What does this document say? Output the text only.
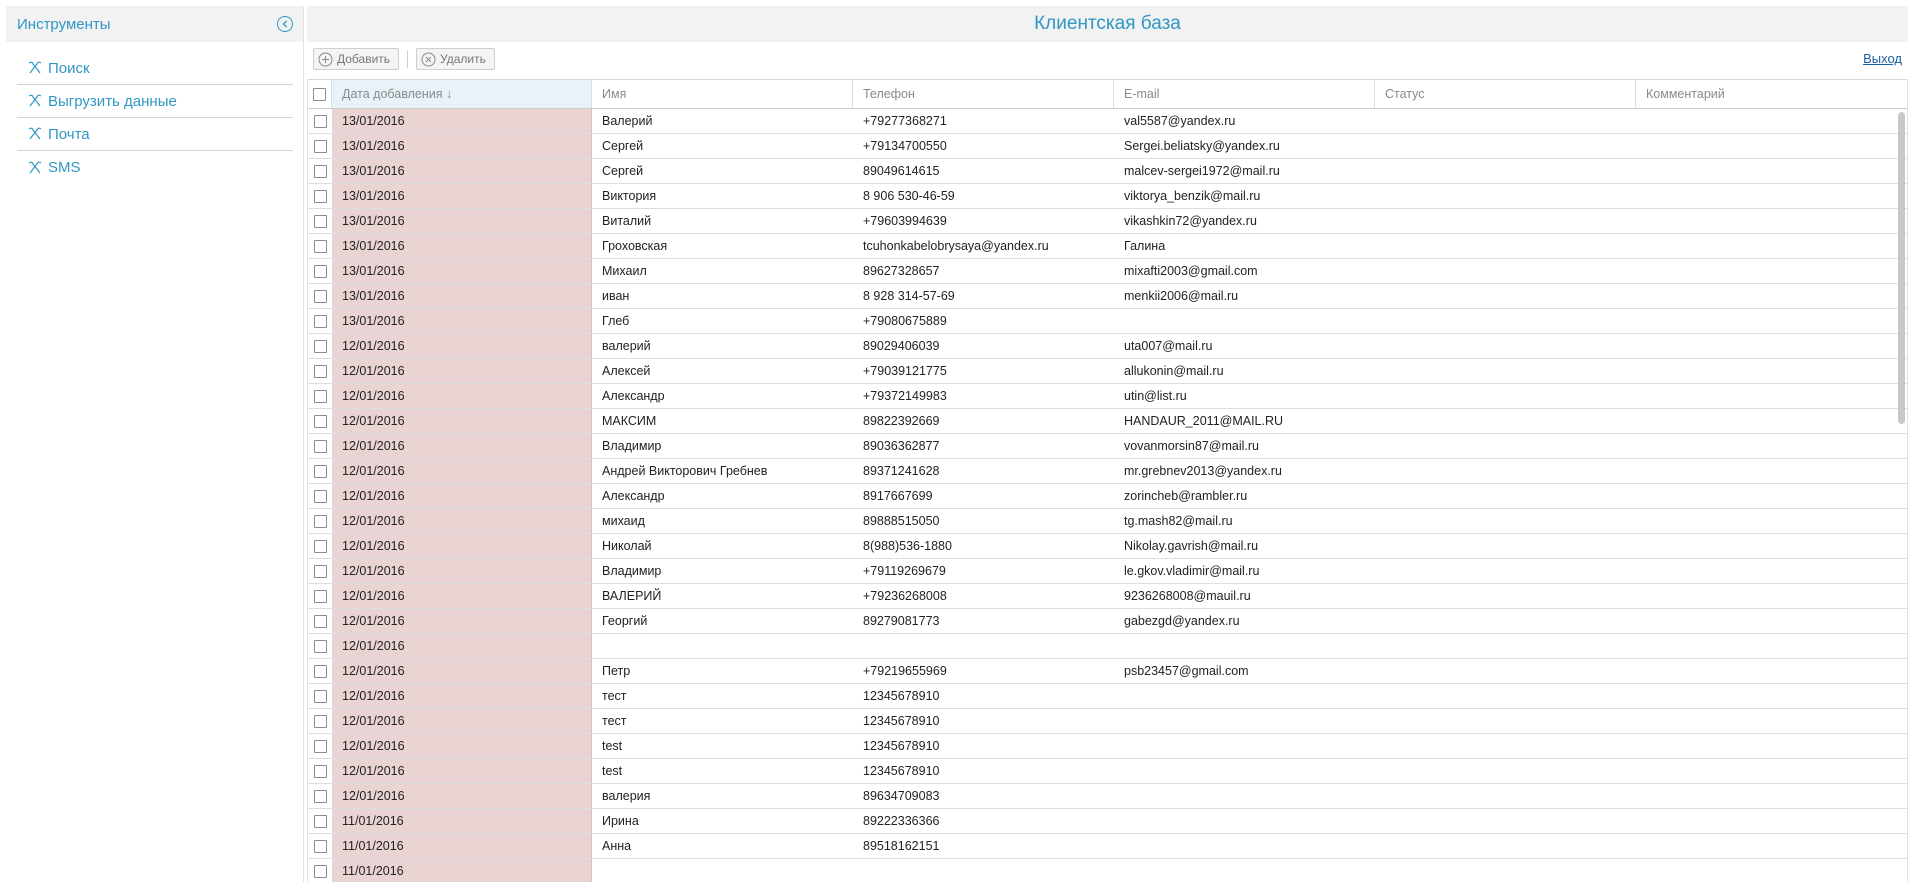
Инструменты
Поиск
Выгрузить данные
Почта
SMS
Клиентская база
Добавить	Удалить	Выход
Дата добавления ↓	Имя	Телефон	E-mail	Статус	Комментарий
13/01/2016	Валерий	+79277368271	val5587@yandex.ru
13/01/2016	Сергей	+79134700550	Sergei.beliatsky@yandex.ru
13/01/2016	Сергей	89049614615	malcev-sergei1972@mail.ru
13/01/2016	Виктория	8 906 530-46-59	viktorya_benzik@mail.ru
13/01/2016	Виталий	+79603994639	vikashkin72@yandex.ru
13/01/2016	Гроховская	tcuhonkabelobrysaya@yandex.ru	Галина
13/01/2016	Михаил	89627328657	mixafti2003@gmail.com
13/01/2016	иван	8 928 314-57-69	menkii2006@mail.ru
13/01/2016	Глеб	+79080675889
12/01/2016	валерий	89029406039	uta007@mail.ru
12/01/2016	Алексей	+79039121775	allukonin@mail.ru
12/01/2016	Александр	+79372149983	utin@list.ru
12/01/2016	МАКСИМ	89822392669	HANDAUR_2011@MAIL.RU
12/01/2016	Владимир	89036362877	vovanmorsin87@mail.ru
12/01/2016	Андрей Викторович Гребнев	89371241628	mr.grebnev2013@yandex.ru
12/01/2016	Александр	8917667699	zorincheb@rambler.ru
12/01/2016	михаид	89888515050	tg.mash82@mail.ru
12/01/2016	Николай	8(988)536-1880	Nikolay.gavrish@mail.ru
12/01/2016	Владимир	+79119269679	le.gkov.vladimir@mail.ru
12/01/2016	ВАЛЕРИЙ	+79236268008	9236268008@mauil.ru
12/01/2016	Георгий	89279081773	gabezgd@yandex.ru
12/01/2016
12/01/2016	Петр	+79219655969	psb23457@gmail.com
12/01/2016	тест	12345678910
12/01/2016	тест	12345678910
12/01/2016	test	12345678910
12/01/2016	test	12345678910
12/01/2016	валерия	89634709083
11/01/2016	Ирина	89222336366
11/01/2016	Анна	89518162151
11/01/2016
